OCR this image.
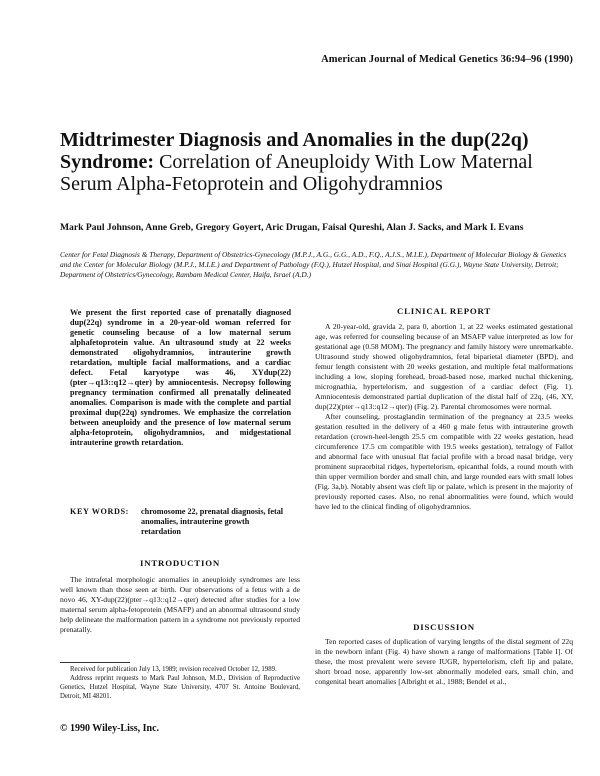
American Journal of Medical Genetics 36:94–96 (1990)
Midtrimester Diagnosis and Anomalies in the dup(22q) Syndrome: Correlation of Aneuploidy With Low Maternal Serum Alpha-Fetoprotein and Oligohydramnios
Mark Paul Johnson, Anne Greb, Gregory Goyert, Aric Drugan, Faisal Qureshi, Alan J. Sacks, and Mark I. Evans
Center for Fetal Diagnosis & Therapy, Department of Obstetrics-Gynecology (M.P.J., A.G., G.G., A.D., F.Q., A.J.S., M.I.E.), Department of Molecular Biology & Genetics and the Center for Molecular Biology (M.P.J., M.I.E.) and Department of Pathology (F.Q.), Hutzel Hospital, and Sinai Hospital (G.G.), Wayne State University, Detroit; Department of Obstetrics/Gynecology, Rambam Medical Center, Haifa, Israel (A.D.)
We present the first reported case of prenatally diagnosed dup(22q) syndrome in a 20-year-old woman referred for genetic counseling because of a low maternal serum alphafetoprotein value. An ultrasound study at 22 weeks demonstrated oligohydramnios, intrauterine growth retardation, multiple facial malformations, and a cardiac defect. Fetal karyotype was 46, XYdup(22)(pter→q13::q12→qter) by amniocentesis. Necropsy following pregnancy termination confirmed all prenatally delineated anomalies. Comparison is made with the complete and partial proximal dup(22q) syndromes. We emphasize the correlation between aneuploidy and the presence of low maternal serum alpha-fetoprotein, oligohydramnios, and midgestational intrauterine growth retardation.
KEY WORDS:	chromosome 22, prenatal diagnosis, fetal anomalies, intrauterine growth retardation
INTRODUCTION

The intrafetal morphologic anomalies in aneuploidy syndromes are less well known than those seen at birth. Our observations of a fetus with a de novo 46, XY-dup(22)(pter→q13::q12→qter) detected after studies for a low maternal serum alpha-fetoprotein (MSAFP) and an abnormal ultrasound study help delineate the malformation pattern in a syndrome not previously reported prenatally.

Received for publication July 13, 1989; revision received October 12, 1989.

Address reprint requests to Mark Paul Johnson, M.D., Division of Reproductive Genetics, Hutzel Hospital, Wayne State University, 4707 St. Antoine Boulevard, Detroit, MI 48201.

© 1990 Wiley-Liss, Inc.
CLINICAL REPORT

A 20-year-old, gravida 2, para 0, abortion 1, at 22 weeks estimated gestational age, was referred for counseling because of an MSAFP value interpreted as low for gestational age (0.58 MOM). The pregnancy and family history were unremarkable. Ultrasound study showed oligohydramnios, fetal biparietal diameter (BPD), and femur length consistent with 20 weeks gestation, and multiple fetal malformations including a low, sloping forehead, broad-based nose, marked nuchal thickening, micrognathia, hypertelorism, and suggestion of a cardiac defect (Fig. 1). Amniocentesis demonstrated partial duplication of the distal half of 22q, (46, XY, dup(22)(pter→q13::q12→qter)) (Fig. 2). Parental chromosomes were normal.

After counseling, prostaglandin termination of the pregnancy at 23.5 weeks gestation resulted in the delivery of a 460 g male fetus with intrauterine growth retardation (crown-heel-length 25.5 cm compatible with 22 weeks gestation, head circumference 17.5 cm compatible with 19.5 weeks gestation), tetralogy of Fallot and abnormal face with unusual flat facial profile with a broad nasal bridge, very prominent supraorbital ridges, hypertelorism, epicanthal folds, a round mouth with thin upper vermilion border and small chin, and large rounded ears with small lobes (Fig. 3a,b). Notably absent was cleft lip or palate, which is present in the majority of previously reported cases. Also, no renal abnormalities were found, which would have led to the clinical finding of oligohydramnios.

DISCUSSION

Ten reported cases of duplication of varying lengths of the distal segment of 22q in the newborn infant (Fig. 4) have shown a range of malformations [Table I]. Of these, the most prevalent were severe IUGR, hypertelorism, cleft lip and palate, short broad nose, apparently low-set abnormally modeled ears, small chin, and congenital heart anomalies [Albright et al., 1988; Bendel et al.,
